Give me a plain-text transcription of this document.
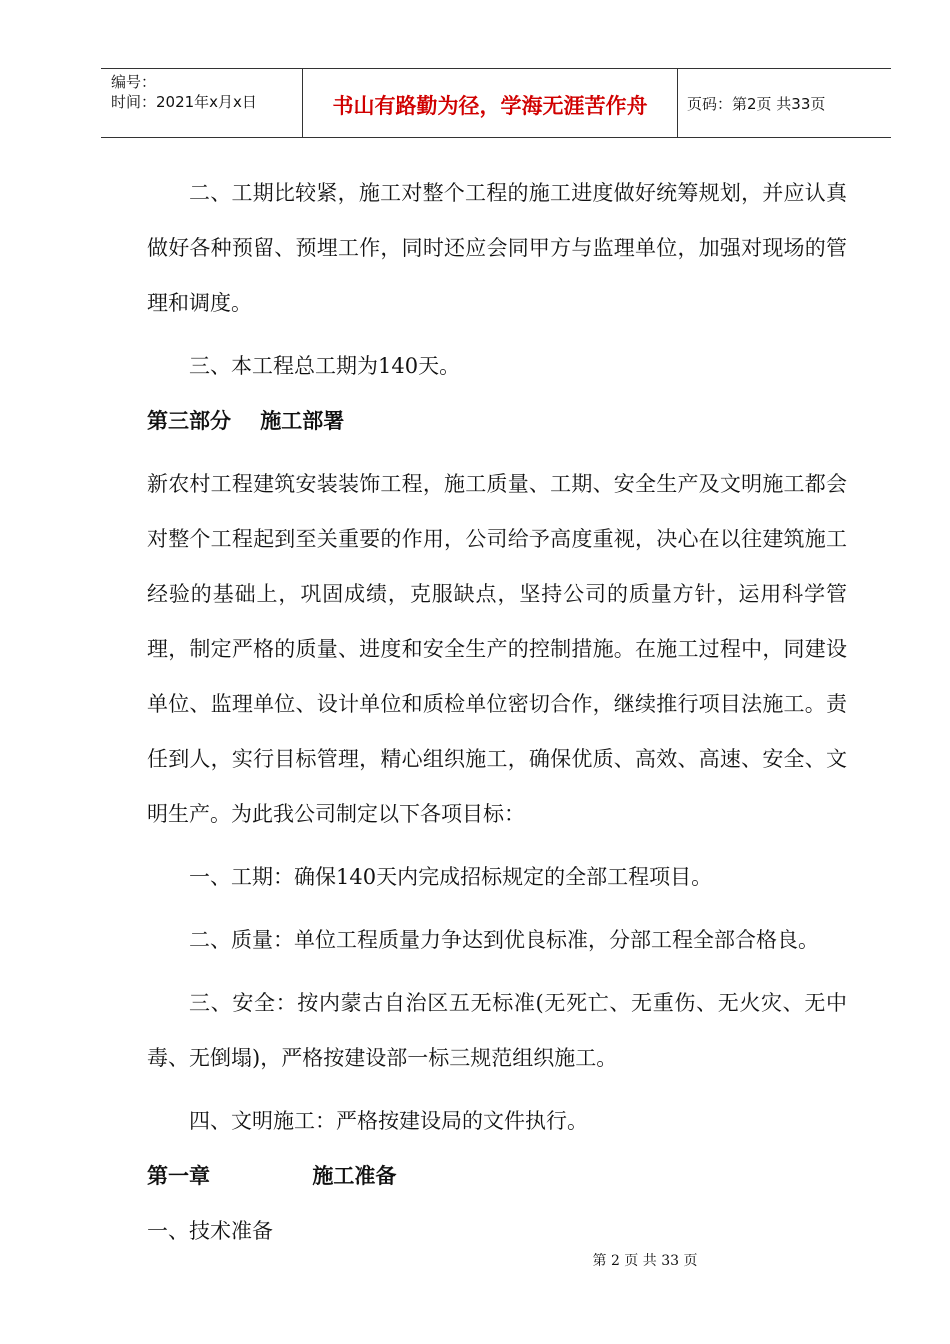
编号：
时间：2021年x月x日	书山有路勤为径，学海无涯苦作舟	页码：第2页 共33页

二、工期比较紧，施工对整个工程的施工进度做好统筹规划，并应认真做好各种预留、预埋工作，同时还应会同甲方与监理单位，加强对现场的管理和调度。

三、本工程总工期为140天。

第三部分    施工部署

新农村工程建筑安装装饰工程，施工质量、工期、安全生产及文明施工都会对整个工程起到至关重要的作用，公司给予高度重视，决心在以往建筑施工经验的基础上，巩固成绩，克服缺点，坚持公司的质量方针，运用科学管理，制定严格的质量、进度和安全生产的控制措施。在施工过程中，同建设单位、监理单位、设计单位和质检单位密切合作，继续推行项目法施工。责任到人，实行目标管理，精心组织施工，确保优质、高效、高速、安全、文明生产。为此我公司制定以下各项目标：

一、工期：确保140天内完成招标规定的全部工程项目。

二、质量：单位工程质量力争达到优良标准，分部工程全部合格良。

三、安全：按内蒙古自治区五无标准(无死亡、无重伤、无火灾、无中毒、无倒塌)，严格按建设部一标三规范组织施工。

四、文明施工：严格按建设局的文件执行。

第一章              施工准备

一、技术准备

第 2 页 共 33 页
